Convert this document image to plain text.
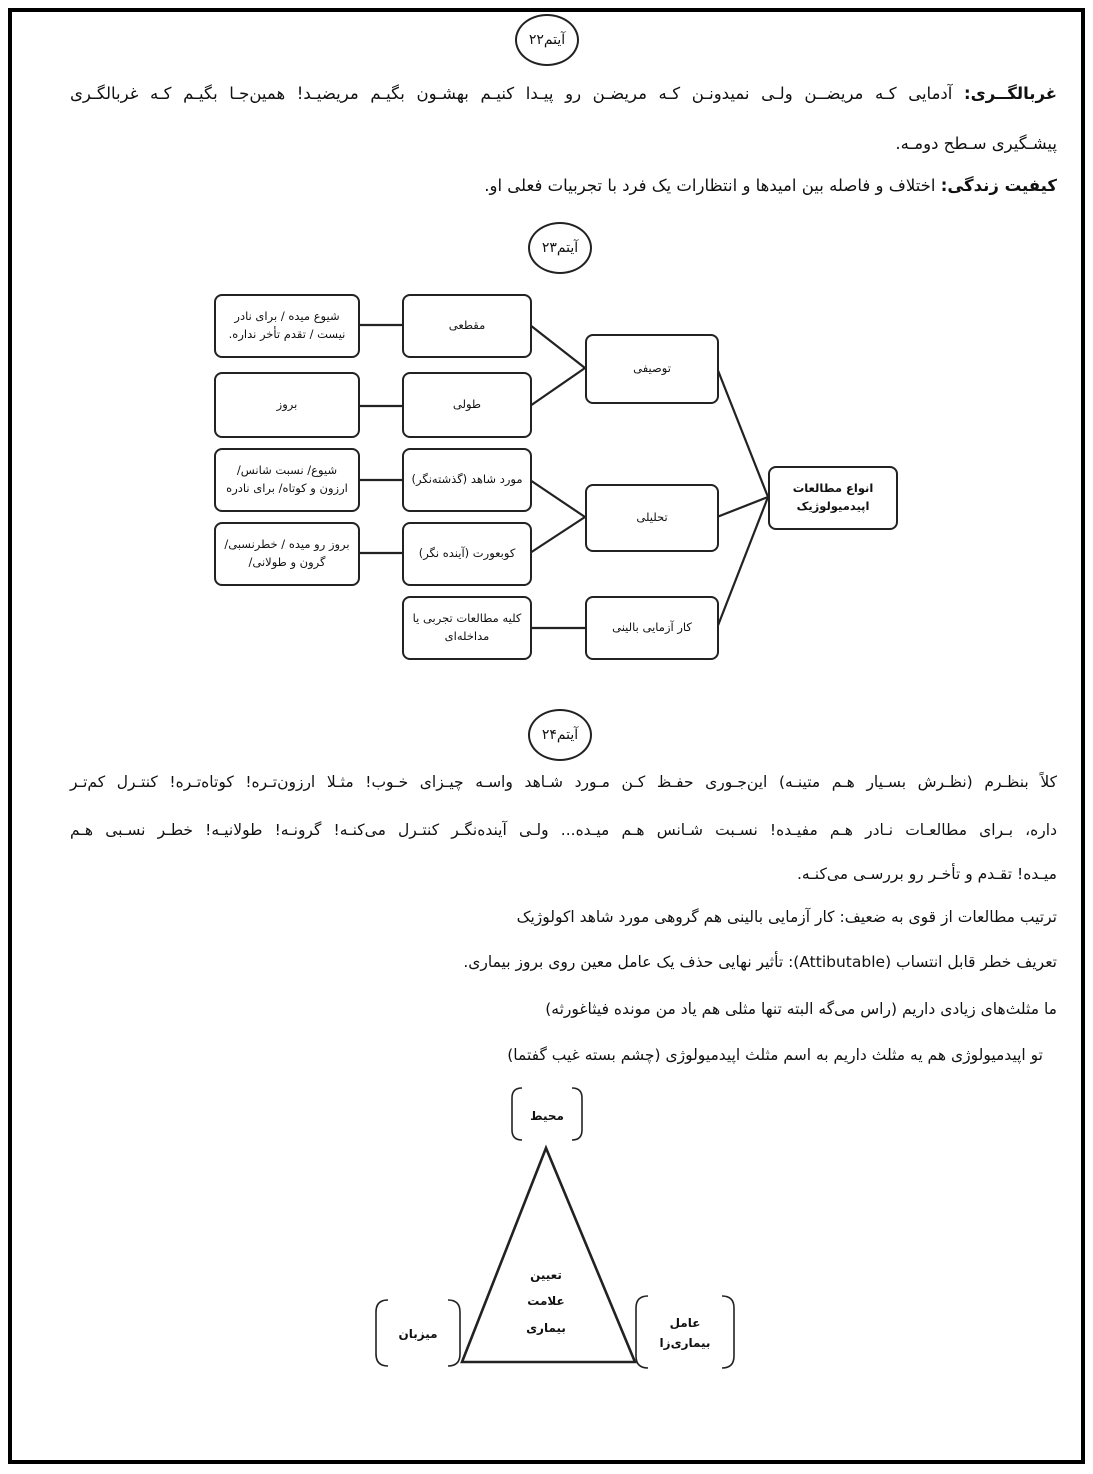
آیتم۲۲
غربالگــری: آدمایی کـه مریضــن ولـی نمیدونـن کـه مریضـن رو پیـدا کنیـم بهشـون بگیـم مریضیـد! همین‌جـا بگیـم کـه غربالگـری
پیشـگیری سـطح دومـه.
کیفیت زندگی: اختلاف و فاصله بین امیدها و انتظارات یک فرد با تجربیات فعلی او.
آیتم۲۳
شیوع میده / برای نادر نیست / تقدم تأخر نداره.
بروز
شیوع/ نسبت شانس/ ارزون و کوتاه/ برای نادره
بروز رو میده / خطرنسبی/ گرون و طولانی/
مقطعی
طولی
مورد شاهد (گذشته‌نگر)
کوبعورت (آینده نگر)
کلیه مطالعات تجربی یا مداخله‌ای
توصیفی
تحلیلی
کار آزمایی بالینی
انواع مطالعات اپیدمیولوژیک
آیتم۲۴
کلاً بنظـرم (نظـرش بسـیار هـم متینـه) این‌جـوری حفـظ کـن مـورد شـاهد واسـه چیـزای خـوب! مثـلا ارزون‌تـره! کوتاه‌تـره! کنتـرل کم‌تـر
داره، بـرای مطالعـات نـادر هـم مفیـده! نسـبت شـانس هـم میـده... ولـی آینده‌نگـر کنتـرل می‌کنـه! گرونـه! طولانیـه! خطـر نسـبی هـم
میـده! تقـدم و تأخـر رو بررسـی می‌کنـه.
ترتیب مطالعات از قوی به ضعیف: کار آزمایی بالینی هم گروهی مورد شاهد اکولوژیک
تعریف خطر قابل انتساب (Attibutable): تأثیر نهایی حذف یک عامل معین روی بروز بیماری.
ما مثلث‌های زیادی داریم (راس می‌گه البته تنها مثلی هم یاد من مونده فیثاغورثه)
تو اپیدمیولوژی هم یه مثلث داریم به اسم مثلث اپیدمیولوژی (چشم بسته غیب گفتما)
محیط
میزبان
عامل بیماری‌زا
تعیین
علامت
بیماری
